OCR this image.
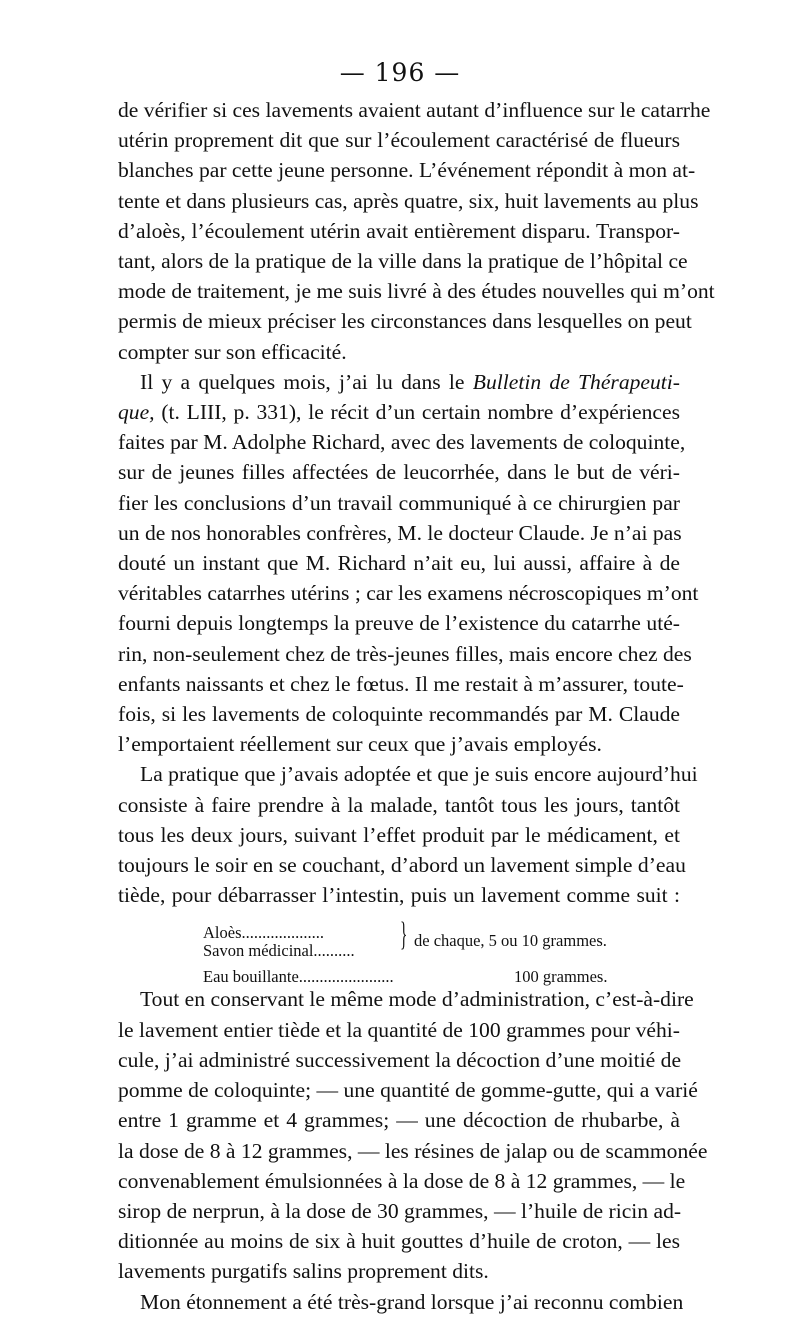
— 196 —

de vérifier si ces lavements avaient autant d’influence sur le catarrhe
utérin proprement dit que sur l’écoulement caractérisé de flueurs
blanches par cette jeune personne. L’événement répondit à mon at-
tente et dans plusieurs cas, après quatre, six, huit lavements au plus
d’aloès, l’écoulement utérin avait entièrement disparu. Transpor-
tant, alors de la pratique de la ville dans la pratique de l’hôpital ce
mode de traitement, je me suis livré à des études nouvelles qui m’ont
permis de mieux préciser les circonstances dans lesquelles on peut
compter sur son efficacité.

Il y a quelques mois, j’ai lu dans le Bulletin de Thérapeuti-
que, (t. LIII, p. 331), le récit d’un certain nombre d’expériences
faites par M. Adolphe Richard, avec des lavements de coloquinte,
sur de jeunes filles affectées de leucorrhée, dans le but de véri-
fier les conclusions d’un travail communiqué à ce chirurgien par
un de nos honorables confrères, M. le docteur Claude. Je n’ai pas
douté un instant que M. Richard n’ait eu, lui aussi, affaire à de
véritables catarrhes utérins ; car les examens nécroscopiques m’ont
fourni depuis longtemps la preuve de l’existence du catarrhe uté-
rin, non-seulement chez de très-jeunes filles, mais encore chez des
enfants naissants et chez le fœtus. Il me restait à m’assurer, toute-
fois, si les lavements de coloquinte recommandés par M. Claude
l’emportaient réellement sur ceux que j’avais employés.

La pratique que j’avais adoptée et que je suis encore aujourd’hui
consiste à faire prendre à la malade, tantôt tous les jours, tantôt
tous les deux jours, suivant l’effet produit par le médicament, et
toujours le soir en se couchant, d’abord un lavement simple d’eau
tiède, pour débarrasser l’intestin, puis un lavement comme suit :

Aloès....................
Savon médicinal.......... } de chaque, 5 ou 10 grammes.
Eau bouillante.......................	100 grammes.

Tout en conservant le même mode d’administration, c’est-à-dire
le lavement entier tiède et la quantité de 100 grammes pour véhi-
cule, j’ai administré successivement la décoction d’une moitié de
pomme de coloquinte; — une quantité de gomme-gutte, qui a varié
entre 1 gramme et 4 grammes; — une décoction de rhubarbe, à
la dose de 8 à 12 grammes, — les résines de jalap ou de scammonée
convenablement émulsionnées à la dose de 8 à 12 grammes, — le
sirop de nerprun, à la dose de 30 grammes, — l’huile de ricin ad-
ditionnée au moins de six à huit gouttes d’huile de croton, — les
lavements purgatifs salins proprement dits.

Mon étonnement a été très-grand lorsque j’ai reconnu combien
